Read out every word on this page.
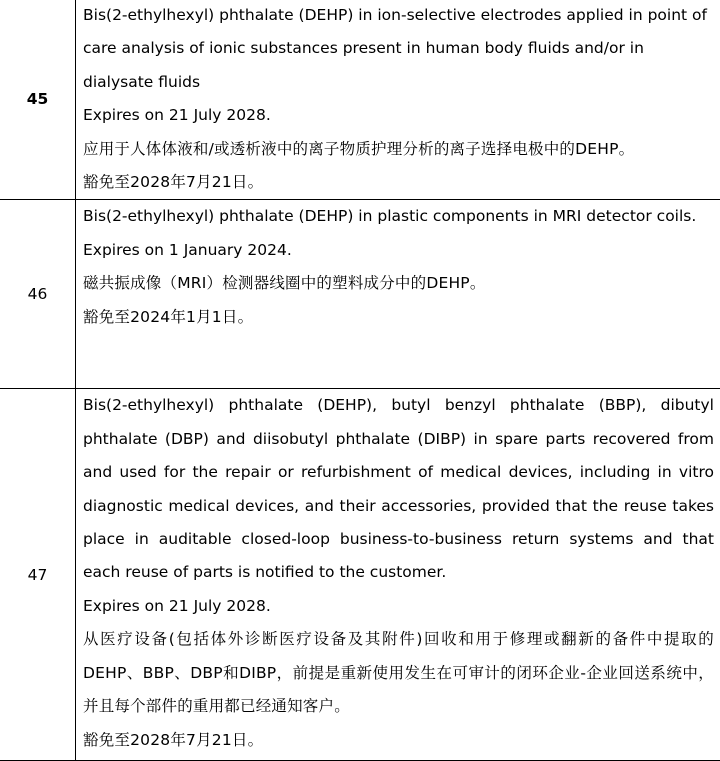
45	Bis(2-ethylhexyl) phthalate (DEHP) in ion-selective electrodes applied in point of care analysis of ionic substances present in human body fluids and/or in dialysate fluids

Expires on 21 July 2028.

应用于人体体液和/或透析液中的离子物质护理分析的离子选择电极中的DEHP。

豁免至2028年7月21日。

46	Bis(2-ethylhexyl) phthalate (DEHP) in plastic components in MRI detector coils.

Expires on 1 January 2024.

磁共振成像（MRI）检测器线圈中的塑料成分中的DEHP。

豁免至2024年1月1日。

47	Bis(2-ethylhexyl) phthalate (DEHP), butyl benzyl phthalate (BBP), dibutyl phthalate (DBP) and diisobutyl phthalate (DIBP) in spare parts recovered from and used for the repair or refurbishment of medical devices, including in vitro diagnostic medical devices, and their accessories, provided that the reuse takes place in auditable closed-loop business-to-business return systems and that each reuse of parts is notified to the customer.

Expires on 21 July 2028.

从医疗设备(包括体外诊断医疗设备及其附件)回收和用于修理或翻新的备件中提取的DEHP、BBP、DBP和DIBP，前提是重新使用发生在可审计的闭环企业-企业回送系统中，并且每个部件的重用都已经通知客户。

豁免至2028年7月21日。
